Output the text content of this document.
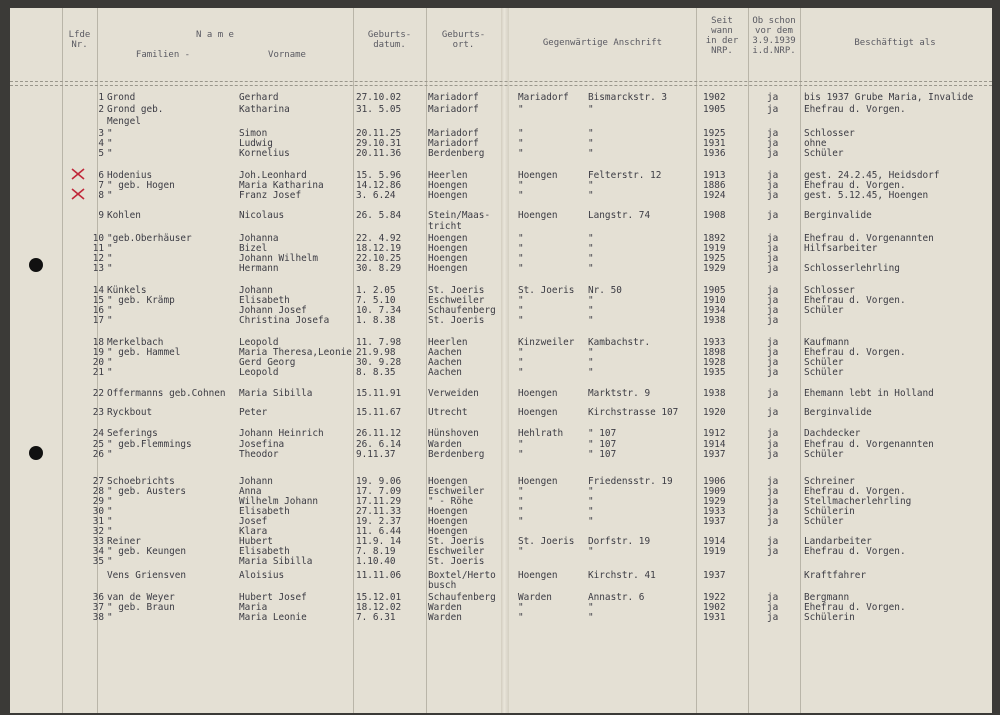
Lfde
Nr.
N a m e
Familien -	Vorname
Geburts-
datum.
Geburts-
ort.	Gegenwärtige Anschrift
Seit
wann
in der
NRP.
Ob schon
vor dem
3.9.1939
i.d.NRP.
Beschäftigt als
1 Grond	Gerhard	27.10.02	Mariadorf	Mariadorf Bismarckstr. 3	1902	ja	bis 1937 Grube Maria, Invalide
2 Grond geb.	Katharina	31. 5.05	Mariadorf	"	"	1905	ja	Ehefrau d. Vorgen.
Mengel
3 "	Simon	20.11.25	Mariadorf	"	"	1925	ja	Schlosser
4 "	Ludwig	29.10.31	Mariadorf	"	"	1931	ja	ohne
5 "	Kornelius	20.11.36	Berdenberg	"	"	1936	ja	Schüler
6 Hodenius	Joh.Leonhard	15. 5.96	Heerlen	Hoengen	Felterstr. 12	1913	ja	gest. 24.2.45, Heidsdorf
7 " geb. Hogen	Maria Katharina	14.12.86	Hoengen	"	"	1886	ja	Ehefrau d. Vorgen.
8 "	Franz Josef	3. 6.24	Hoengen	"	"	1924	ja	gest. 5.12.45, Hoengen
9 Kohlen	Nicolaus	26. 5.84	Stein/Maas-	Hoengen	Langstr. 74	1908	ja	Berginvalide
tricht
10 "geb.Oberhäuser	Johanna	22. 4.92	Hoengen	"	"	1892	ja	Ehefrau d. Vorgenannten
11 "	Bizel	18.12.19	Hoengen	"	"	1919	ja	Hilfsarbeiter
12 "	Johann Wilhelm	22.10.25	Hoengen	"	"	1925	ja
13 "	Hermann	30. 8.29	Hoengen	"	"	1929	ja	Schlosserlehrling
14 Künkels	Johann	1. 2.05	St. Joeris	St. Joeris Nr. 50	1905	ja	Schlosser
15 " geb. Krämp	Elisabeth	7. 5.10	Eschweiler	"	"	1910	ja	Ehefrau d. Vorgen.
16 "	Johann Josef	10. 7.34	Schaufenberg "	"	1934	ja	Schüler
17 "	Christina Josefa	1. 8.38	St. Joeris	"	"	1938	ja
18 Merkelbach	Leopold	11. 7.98	Heerlen	Kinzweiler Kambachstr.	1933	ja	Kaufmann
19 " geb. Hammel	Maria Theresa,Leonie 21.9.98	Aachen	"	"	1898	ja	Ehefrau d. Vorgen.
20 "	Gerd Georg	30. 9.28	Aachen	"	"	1928	ja	Schüler
21 "	Leopold	8. 8.35	Aachen	"	"	1935	ja	Schüler
22 Offermanns geb.Cohnen Maria Sibilla	15.11.91	Verweiden	Hoengen	Marktstr. 9	1938	ja	Ehemann lebt in Holland
23 Ryckbout	Peter	15.11.67	Utrecht	Hoengen	Kirchstrasse 107	1920	ja	Berginvalide
24 Seferings	Johann Heinrich	26.11.12	Hünshoven	Hehlrath	" 107	1912	ja	Dachdecker
25 " geb.Flemmings	Josefina	26. 6.14	Warden	"	" 107	1914	ja	Ehefrau d. Vorgenannten
26 "	Theodor	9.11.37	Berdenberg	"	" 107	1937	ja	Schüler
27 Schoebrichts	Johann	19. 9.06	Hoengen	Hoengen	Friedensstr. 19	1906	ja	Schreiner
28 " geb. Austers	Anna	17. 7.09	Eschweiler	"	"	1909	ja	Ehefrau d. Vorgen.
29 "	Wilhelm Johann	17.11.29	" - Röhe	"	"	1929	ja	Stellmacherlehrling
30 "	Elisabeth	27.11.33	Hoengen	"	"	1933	ja	Schülerin
31 "	Josef	19. 2.37	Hoengen	"	"	1937	ja	Schüler
32 "	Klara	11. 6.44	Hoengen
33 Reiner	Hubert	11.9. 14	St. Joeris	St. Joeris Dorfstr. 19	1914	ja	Landarbeiter
34 " geb. Keungen	Elisabeth	7. 8.19	Eschweiler	"	"	1919	ja	Ehefrau d. Vorgen.
35 "	Maria Sibilla	1.10.40	St. Joeris
Vens Griensven	Aloisius	11.11.06	Boxtel/Herto Hoengen	Kirchstr. 41	1937	Kraftfahrer
busch
36 van de Weyer	Hubert Josef	15.12.01	Schaufenberg Warden	Annastr. 6	1922	ja	Bergmann
37 " geb. Braun	Maria	18.12.02	Warden	"	"	1902	ja	Ehefrau d. Vorgen.
38 "	Maria Leonie	7. 6.31	Warden	"	"	1931	ja	Schülerin
